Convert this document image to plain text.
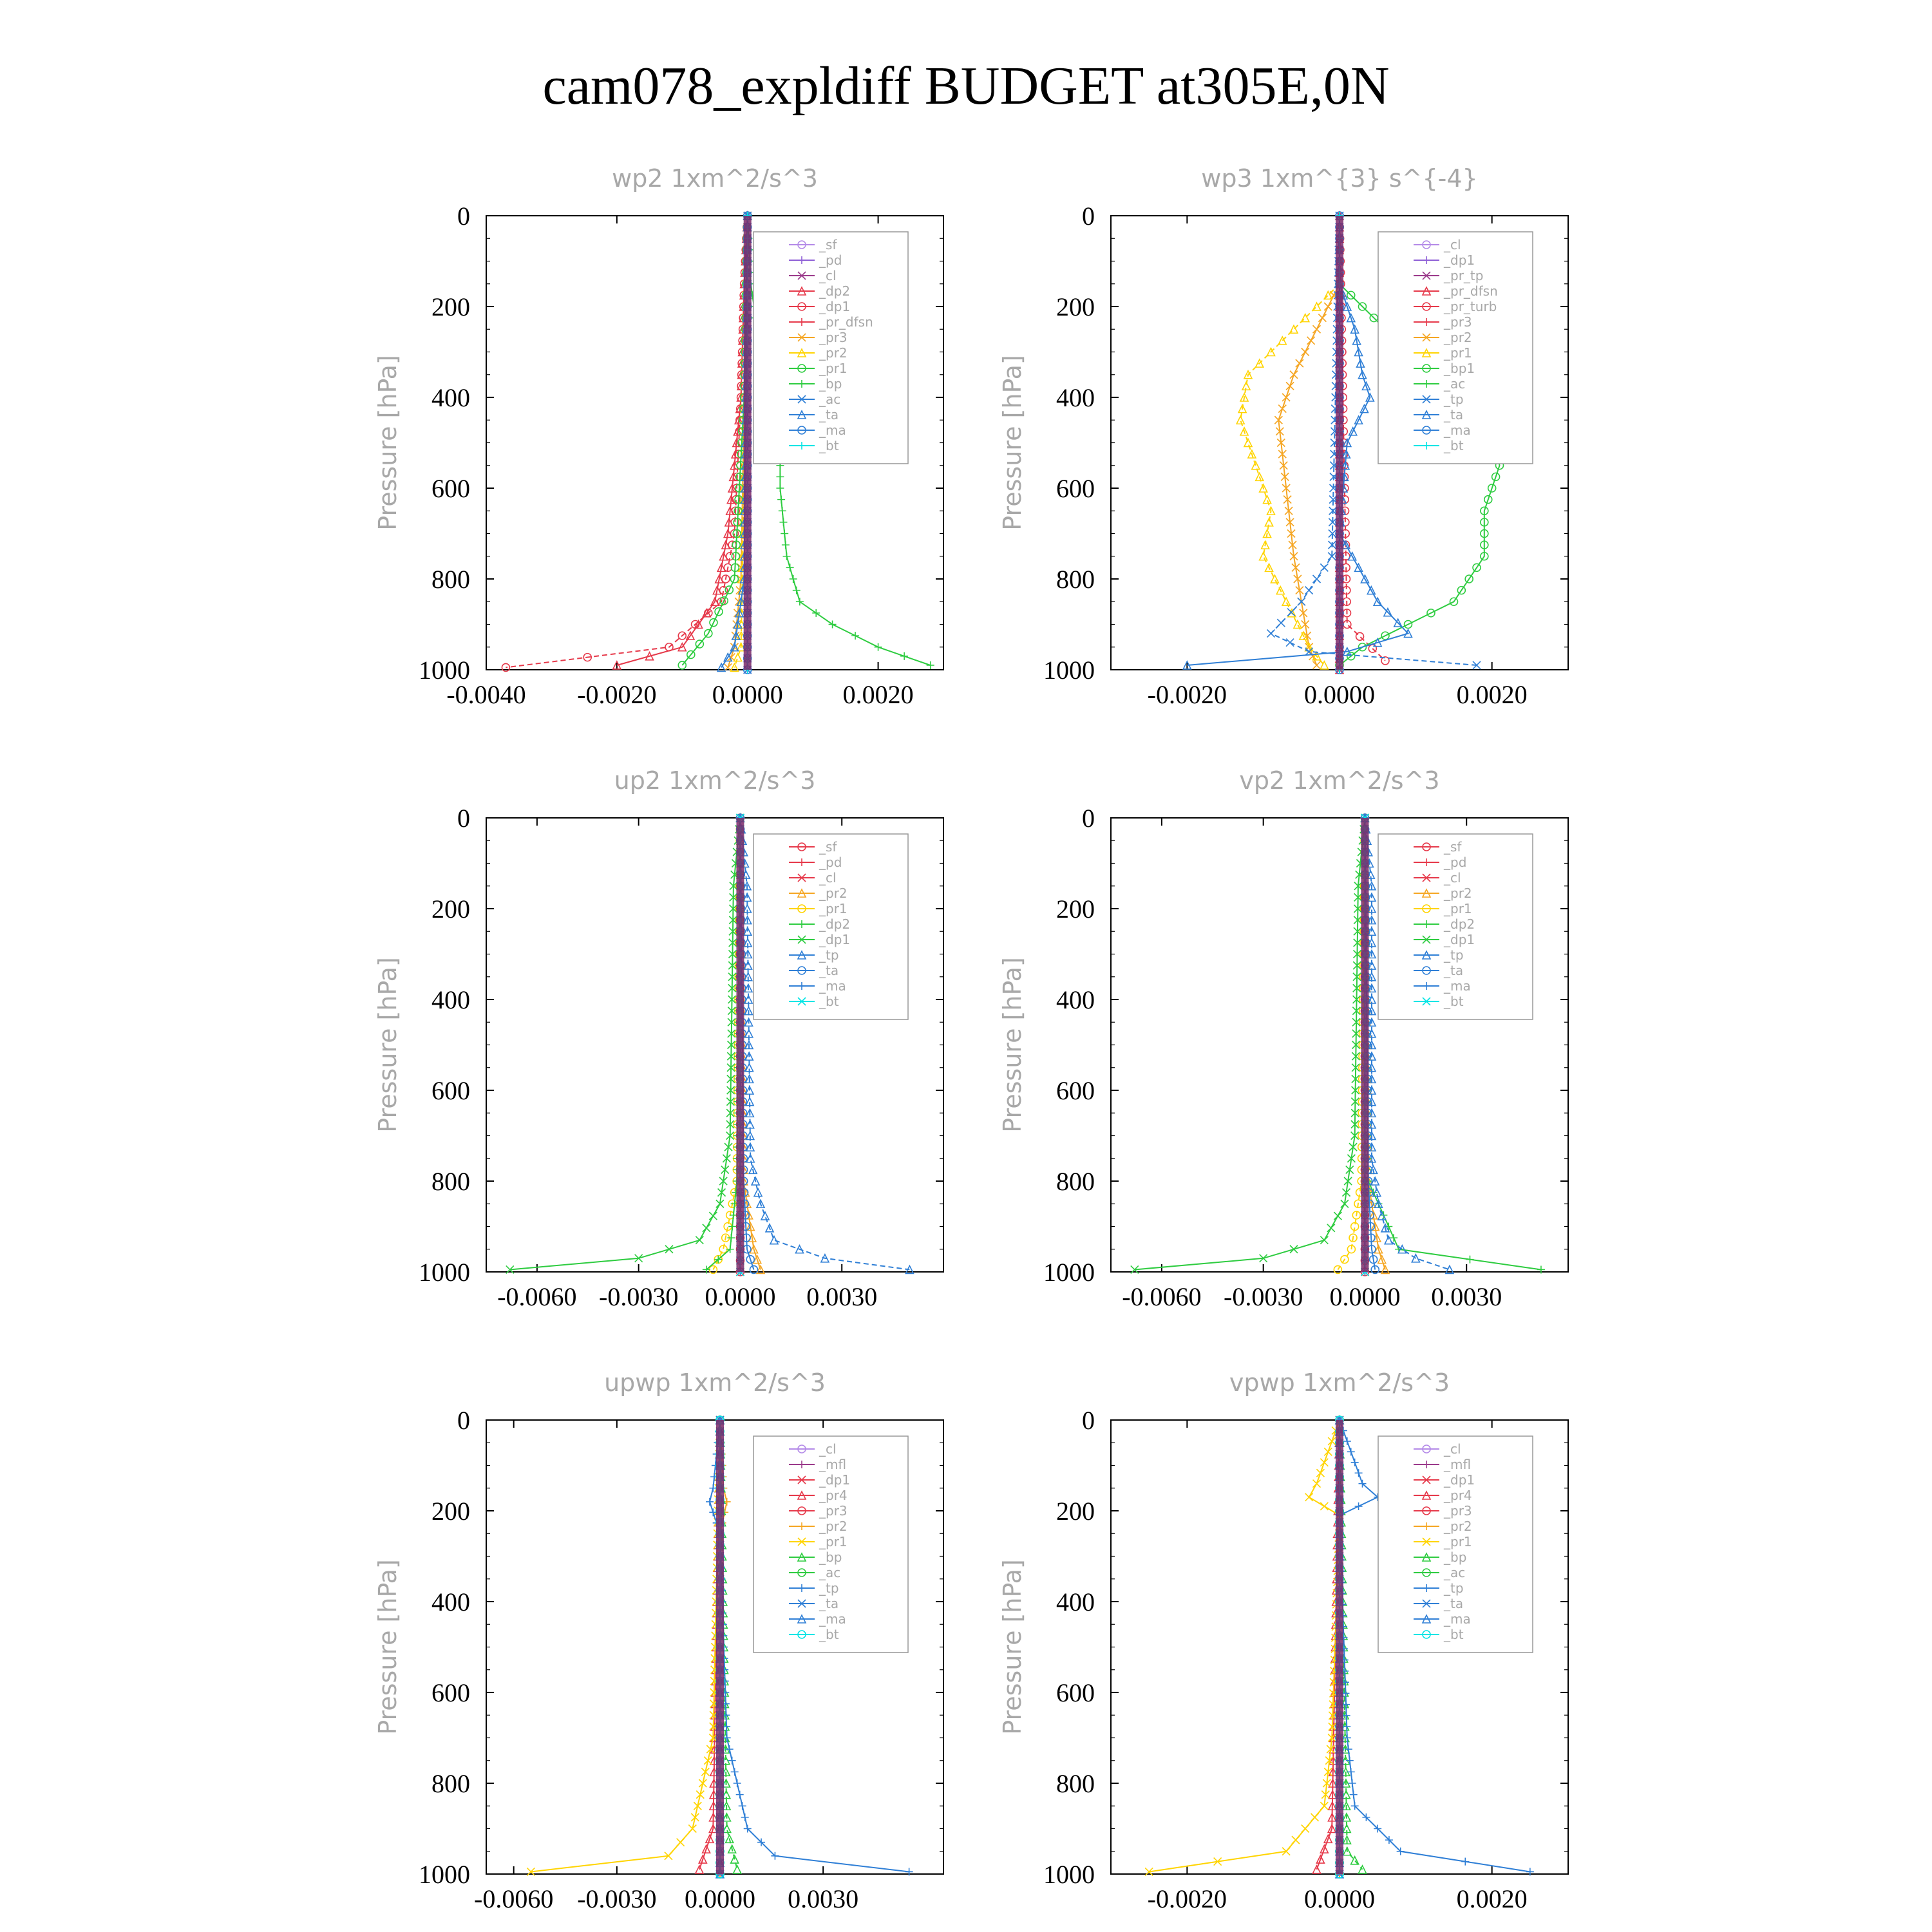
cam078_expldiff BUDGET at305E,0N
wp2 1xm^2/s^3
0
200
400
600
800
1000
-0.0040 -0.0020 0.0000 0.0020
Pressure [hPa]
_sf
_pd
_cl
_dp2
_dp1
_pr_dfsn
_pr3
_pr2
_pr1
_bp
_ac
_ta
_ma
_bt
wp3 1xm^{3} s^{-4}
0
200
400
600
800
1000
-0.0020	0.0000	0.0020
Pressure [hPa]
_cl
_dp1
_pr_tp
_pr_dfsn
_pr_turb
_pr3
_pr2
_pr1
_bp1
_ac
_tp
_ta
_ma
_bt
up2 1xm^2/s^3
0
200
400
600
800
1000
-0.0060 -0.0030 0.0000 0.0030
Pressure [hPa]
_sf
_pd
_cl
_pr2
_pr1
_dp2
_dp1
_tp
_ta
_ma
_bt
vp2 1xm^2/s^3
0
200
400
600
800
1000
-0.0060 -0.0030 0.0000 0.0030
Pressure [hPa]
_sf
_pd
_cl
_pr2
_pr1
_dp2
_dp1
_tp
_ta
_ma
_bt
upwp 1xm^2/s^3
0
200
400
600
800
1000
-0.0060 -0.0030 0.0000 0.0030
Pressure [hPa]
_cl
_mfl
_dp1
_pr4
_pr3
_pr2
_pr1
_bp
_ac
_tp
_ta
_ma
_bt
vpwp 1xm^2/s^3
0
200
400
600
800
1000
-0.0020	0.0000	0.0020
Pressure [hPa]
_cl
_mfl
_dp1
_pr4
_pr3
_pr2
_pr1
_bp
_ac
_tp
_ta
_ma
_bt
